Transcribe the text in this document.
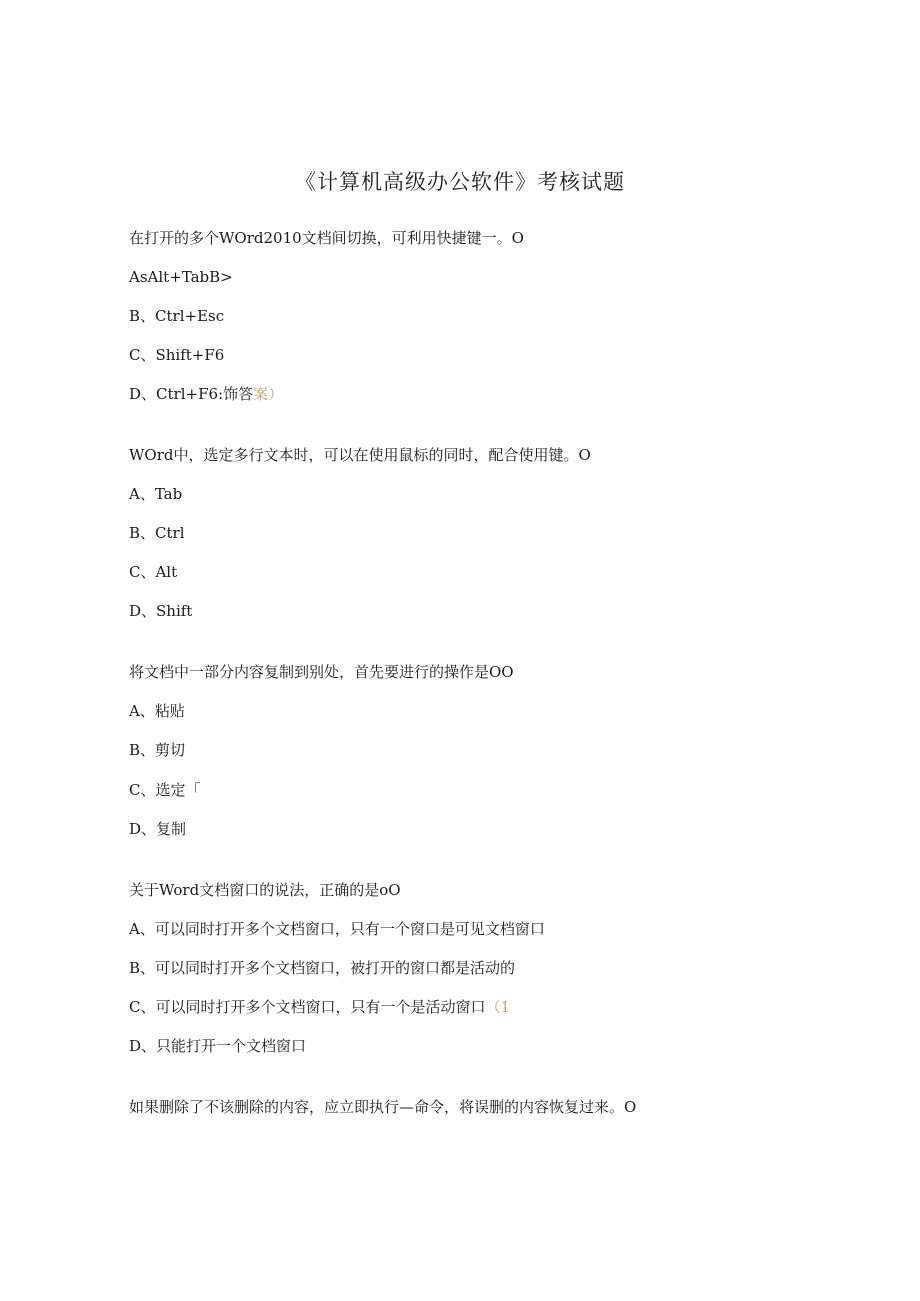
《计算机高级办公软件》考核试题
在打开的多个WOrd2010文档间切换，可利用快捷键一。O
AsAlt+TabB>
B、Ctrl+Esc
C、Shift+F6
D、Ctrl+F6:饰答案）
WOrd中，选定多行文本时，可以在使用鼠标的同时，配合使用键。O
A、Tab
B、Ctrl
C、Alt
D、Shift
将文档中一部分内容复制到别处，首先要进行的操作是OO
A、粘贴
B、剪切
C、选定「
D、复制
关于Word文档窗口的说法，正确的是oO
A、可以同时打开多个文档窗口，只有一个窗口是可见文档窗口
B、可以同时打开多个文档窗口，被打开的窗口都是活动的
C、可以同时打开多个文档窗口，只有一个是活动窗口（1
D、只能打开一个文档窗口
如果删除了不该删除的内容，应立即执行—命令，将误删的内容恢复过来。O
